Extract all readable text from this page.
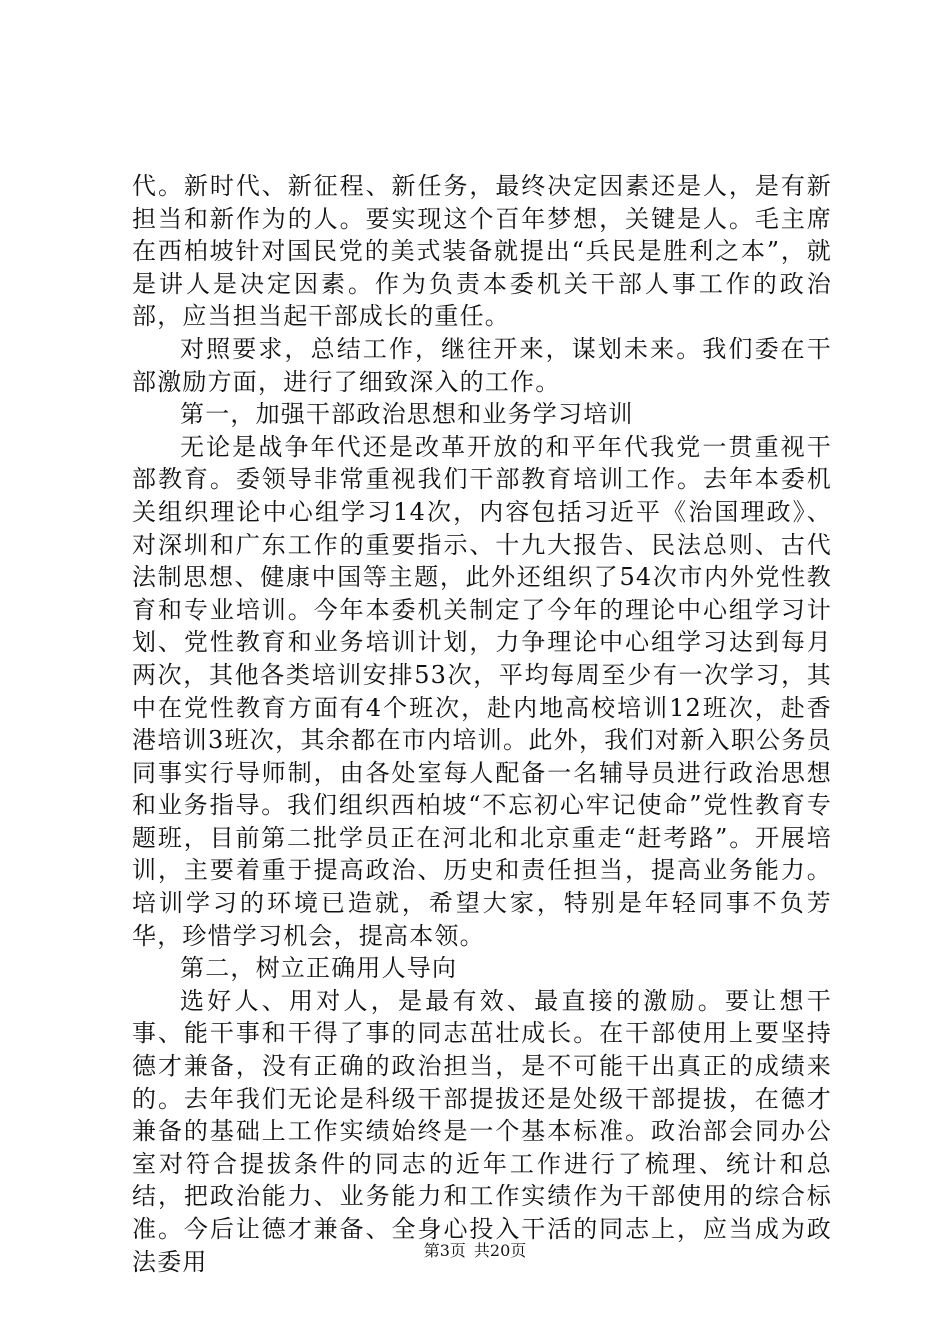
代。新时代、新征程、新任务，最终决定因素还是人，是有新担当和新作为的人。要实现这个百年梦想，关键是人。毛主席在西柏坡针对国民党的美式装备就提出“兵民是胜利之本”，就是讲人是决定因素。作为负责本委机关干部人事工作的政治部，应当担当起干部成长的重任。

对照要求，总结工作，继往开来，谋划未来。我们委在干部激励方面，进行了细致深入的工作。

第一，加强干部政治思想和业务学习培训

无论是战争年代还是改革开放的和平年代我党一贯重视干部教育。委领导非常重视我们干部教育培训工作。去年本委机关组织理论中心组学习14次，内容包括习近平《治国理政》、对深圳和广东工作的重要指示、十九大报告、民法总则、古代法制思想、健康中国等主题，此外还组织了54次市内外党性教育和专业培训。今年本委机关制定了今年的理论中心组学习计划、党性教育和业务培训计划，力争理论中心组学习达到每月两次，其他各类培训安排53次，平均每周至少有一次学习，其中在党性教育方面有4个班次，赴内地高校培训12班次，赴香港培训3班次，其余都在市内培训。此外，我们对新入职公务员同事实行导师制，由各处室每人配备一名辅导员进行政治思想和业务指导。我们组织西柏坡“不忘初心牢记使命”党性教育专题班，目前第二批学员正在河北和北京重走“赶考路”。开展培训，主要着重于提高政治、历史和责任担当，提高业务能力。培训学习的环境已造就，希望大家，特别是年轻同事不负芳华，珍惜学习机会，提高本领。

第二，树立正确用人导向

选好人、用对人，是最有效、最直接的激励。要让想干事、能干事和干得了事的同志茁壮成长。在干部使用上要坚持德才兼备，没有正确的政治担当，是不可能干出真正的成绩来的。去年我们无论是科级干部提拔还是处级干部提拔，在德才兼备的基础上工作实绩始终是一个基本标准。政治部会同办公室对符合提拔条件的同志的近年工作进行了梳理、统计和总结，把政治能力、业务能力和工作实绩作为干部使用的综合标准。今后让德才兼备、全身心投入干活的同志上，应当成为政法委用	第3页 共20页
